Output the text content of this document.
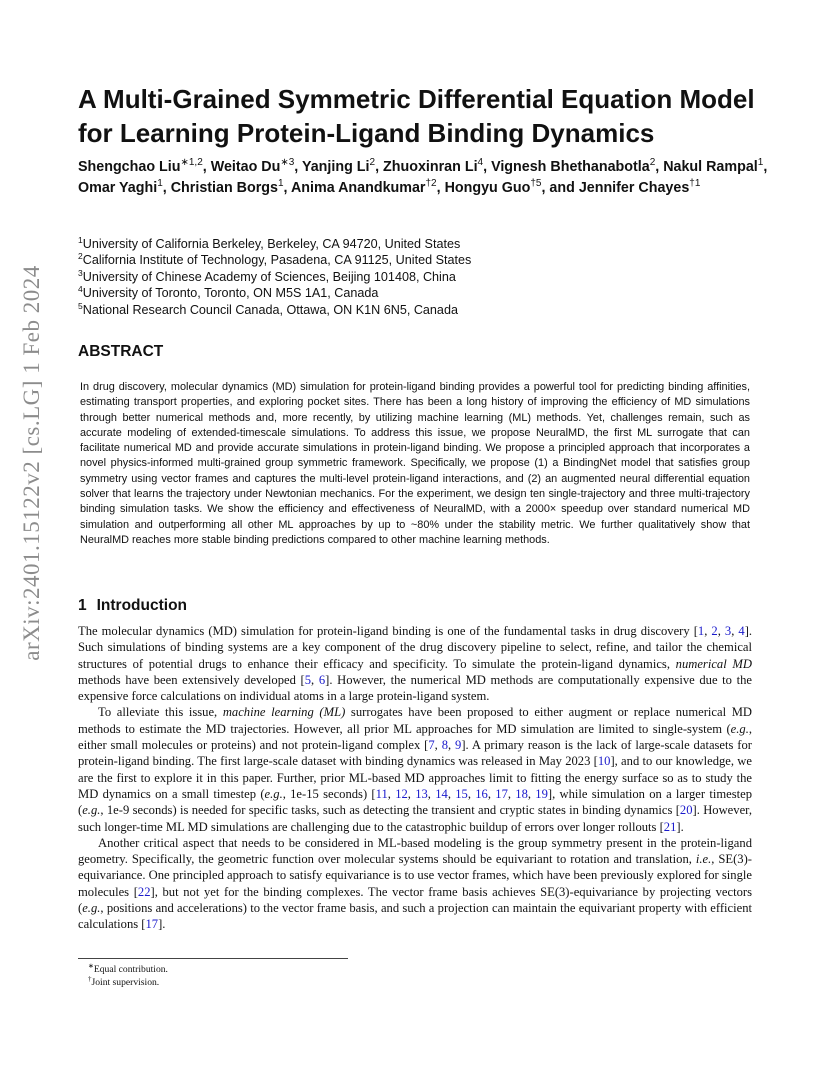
arXiv:2401.15122v2 [cs.LG] 1 Feb 2024
A Multi-Grained Symmetric Differential Equation Model for Learning Protein-Ligand Binding Dynamics
Shengchao Liu$^{∗1,2}$, Weitao $Du^{∗3}$, Yanjing Li$^2$, Zhuoxinran Li$^4$, Vignesh Bhethanabotla$^2$, Nakul Rampal$^1$, Omar Yaghi$^1$, Christian Borgs$^1$, Anima Anandkumar$^{\dagger 2}$, Hongyu Guo$^{\dagger 5}$, and Jennifer Chayes$^{\dagger 1}$
$^1$University of California Berkeley, Berkeley, CA 94720, United States
$^2$California Institute of Technology, Pasadena, CA 91125, United States
$^3$University of Chinese Academy of Sciences, Beijing 101408, China
$^4$University of Toronto, Toronto, ON M5S 1A1, Canada
$^5$National Research Council Canada, Ottawa, ON K1N 6N5, Canada
ABSTRACT

In drug discovery, molecular dynamics (MD) simulation for protein-ligand binding provides a powerful tool for predicting binding affinities, estimating transport properties, and exploring pocket sites. There has been a long history of improving the efficiency of MD simulations through better numerical methods and, more recently, by utilizing machine learning (ML) methods. Yet, challenges remain, such as accurate modeling of extended-timescale simulations. To address this issue, we propose NeuralMD, the first ML surrogate that can facilitate numerical MD and provide accurate simulations in protein-ligand binding. We propose a principled approach that incorporates a novel physics-informed multi-grained group symmetric framework. Specifically, we propose (1) a BindingNet model that satisfies group symmetry using vector frames and captures the multi-level protein-ligand interactions, and (2) an augmented neural differential equation solver that learns the trajectory under Newtonian mechanics. For the experiment, we design ten single-trajectory and three multi-trajectory binding simulation tasks. We show the efficiency and effectiveness of NeuralMD, with a 2000× speedup over standard numerical MD simulation and outperforming all other ML approaches by up to ~80% under the stability metric. We further qualitatively show that NeuralMD reaches more stable binding predictions compared to other machine learning methods.

1 Introduction

The molecular dynamics (MD) simulation for protein-ligand binding is one of the fundamental tasks in drug discovery [1, 2, 3, 4]. Such simulations of binding systems are a key component of the drug discovery pipeline to select, refine, and tailor the chemical structures of potential drugs to enhance their efficacy and specificity. To simulate the protein-ligand dynamics, numerical MD methods have been extensively developed [5, 6]. However, the numerical MD methods are computationally expensive due to the expensive force calculations on individual atoms in a large protein-ligand system.

To alleviate this issue, machine learning (ML) surrogates have been proposed to either augment or replace numerical MD methods to estimate the MD trajectories. However, all prior ML approaches for MD simulation are limited to single-system (e.g., either small molecules or proteins) and not protein-ligand complex [7, 8, 9]. A primary reason is the lack of large-scale datasets for protein-ligand binding. The first large-scale dataset with binding dynamics was released in May 2023 [10], and to our knowledge, we are the first to explore it in this paper. Further, prior ML-based MD approaches limit to fitting the energy surface so as to study the MD dynamics on a small timestep (e.g., 1e-15 seconds) [11, 12, 13, 14, 15, 16, 17, 18, 19], while simulation on a larger timestep (e.g., 1e-9 seconds) is needed for specific tasks, such as detecting the transient and cryptic states in binding dynamics [20]. However, such longer-time ML MD simulations are challenging due to the catastrophic buildup of errors over longer rollouts [21].

Another critical aspect that needs to be considered in ML-based modeling is the group symmetry present in the protein-ligand geometry. Specifically, the geometric function over molecular systems should be equivariant to rotation and translation, i.e., SE(3)-equivariance. One principled approach to satisfy equivariance is to use vector frames, which have been previously explored for single molecules [22], but not yet for the binding complexes. The vector frame basis achieves SE(3)-equivariance by projecting vectors (e.g., positions and accelerations) to the vector frame basis, and such a projection can maintain the equivariant property with efficient calculations [17].

∗Equal contribution.
†Joint supervision.
